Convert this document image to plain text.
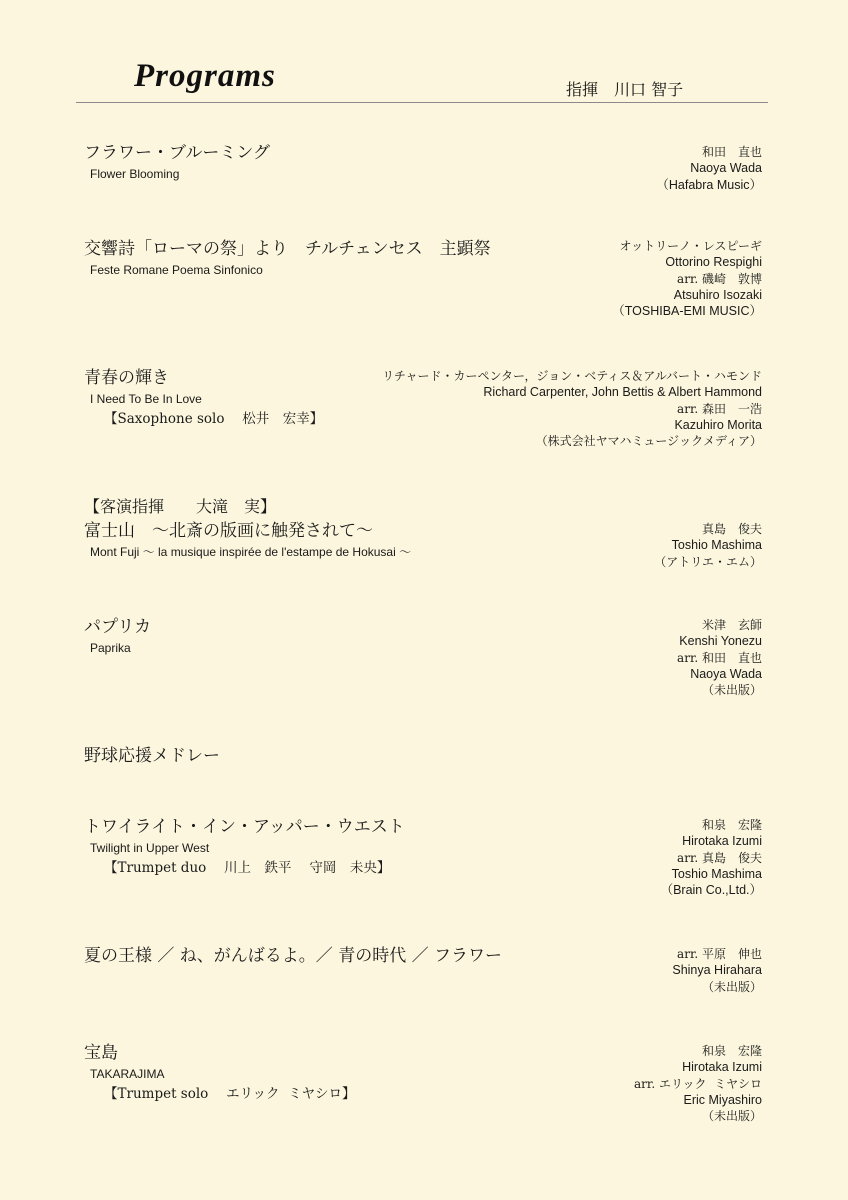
Programs	指揮　川口 智子
フラワー・ブルーミング
Flower Blooming
和田　直也
Naoya Wada
（Hafabra Music）
交響詩「ローマの祭」より　チルチェンセス　主顕祭
Feste Romane Poema Sinfonico
オットリーノ・レスピーギ
Ottorino Respighi
arr. 磯崎　敦博
Atsuhiro Isozaki
（TOSHIBA-EMI MUSIC）
青春の輝き
I Need To Be In Love
【Saxophone solo　 松井　宏幸】
リチャード・カーペンター，ジョン・ベティス＆アルバート・ハモンド
Richard Carpenter, John Bettis & Albert Hammond
arr. 森田　一浩
Kazuhiro Morita
（株式会社ヤマハミュージックメディア）
【客演指揮　　大滝　実】
富士山　～北斎の版画に触発されて～
Mont Fuji ～ la musique inspirée de l'estampe de Hokusai ～
真島　俊夫
Toshio Mashima
（アトリエ・エム）
パプリカ
Paprika
米津　玄師
Kenshi Yonezu
arr. 和田　直也
Naoya Wada
（未出版）
野球応援メドレー
トワイライト・イン・アッパー・ウエスト
Twilight in Upper West
【Trumpet duo　 川上　鉄平　 守岡　未央】
和泉　宏隆
Hirotaka Izumi
arr. 真島　俊夫
Toshio Mashima
（Brain Co.,Ltd.）
夏の王様 ／ ね、がんばるよ。／ 青の時代 ／ フラワー	arr. 平原　伸也
Shinya Hirahara
（未出版）
宝島
TAKARAJIMA
【Trumpet solo　 エリック  ミヤシロ】
和泉　宏隆
Hirotaka Izumi
arr. エリック  ミヤシロ
Eric Miyashiro
（未出版）
